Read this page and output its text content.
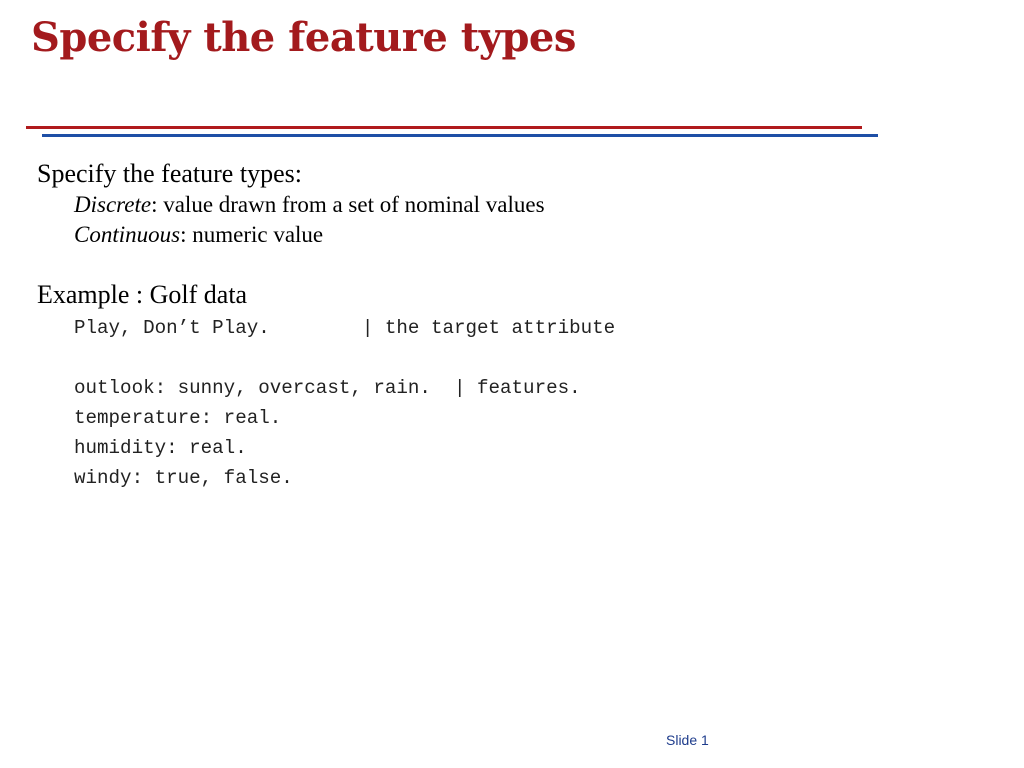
Specify the feature types
Specify the feature types:
Discrete: value drawn from a set of nominal values
Continuous: numeric value
Example : Golf data
Play, Don’t Play.        | the target attribute
outlook: sunny, overcast, rain.  | features.
temperature: real.
humidity: real.
windy: true, false.
Slide 1
